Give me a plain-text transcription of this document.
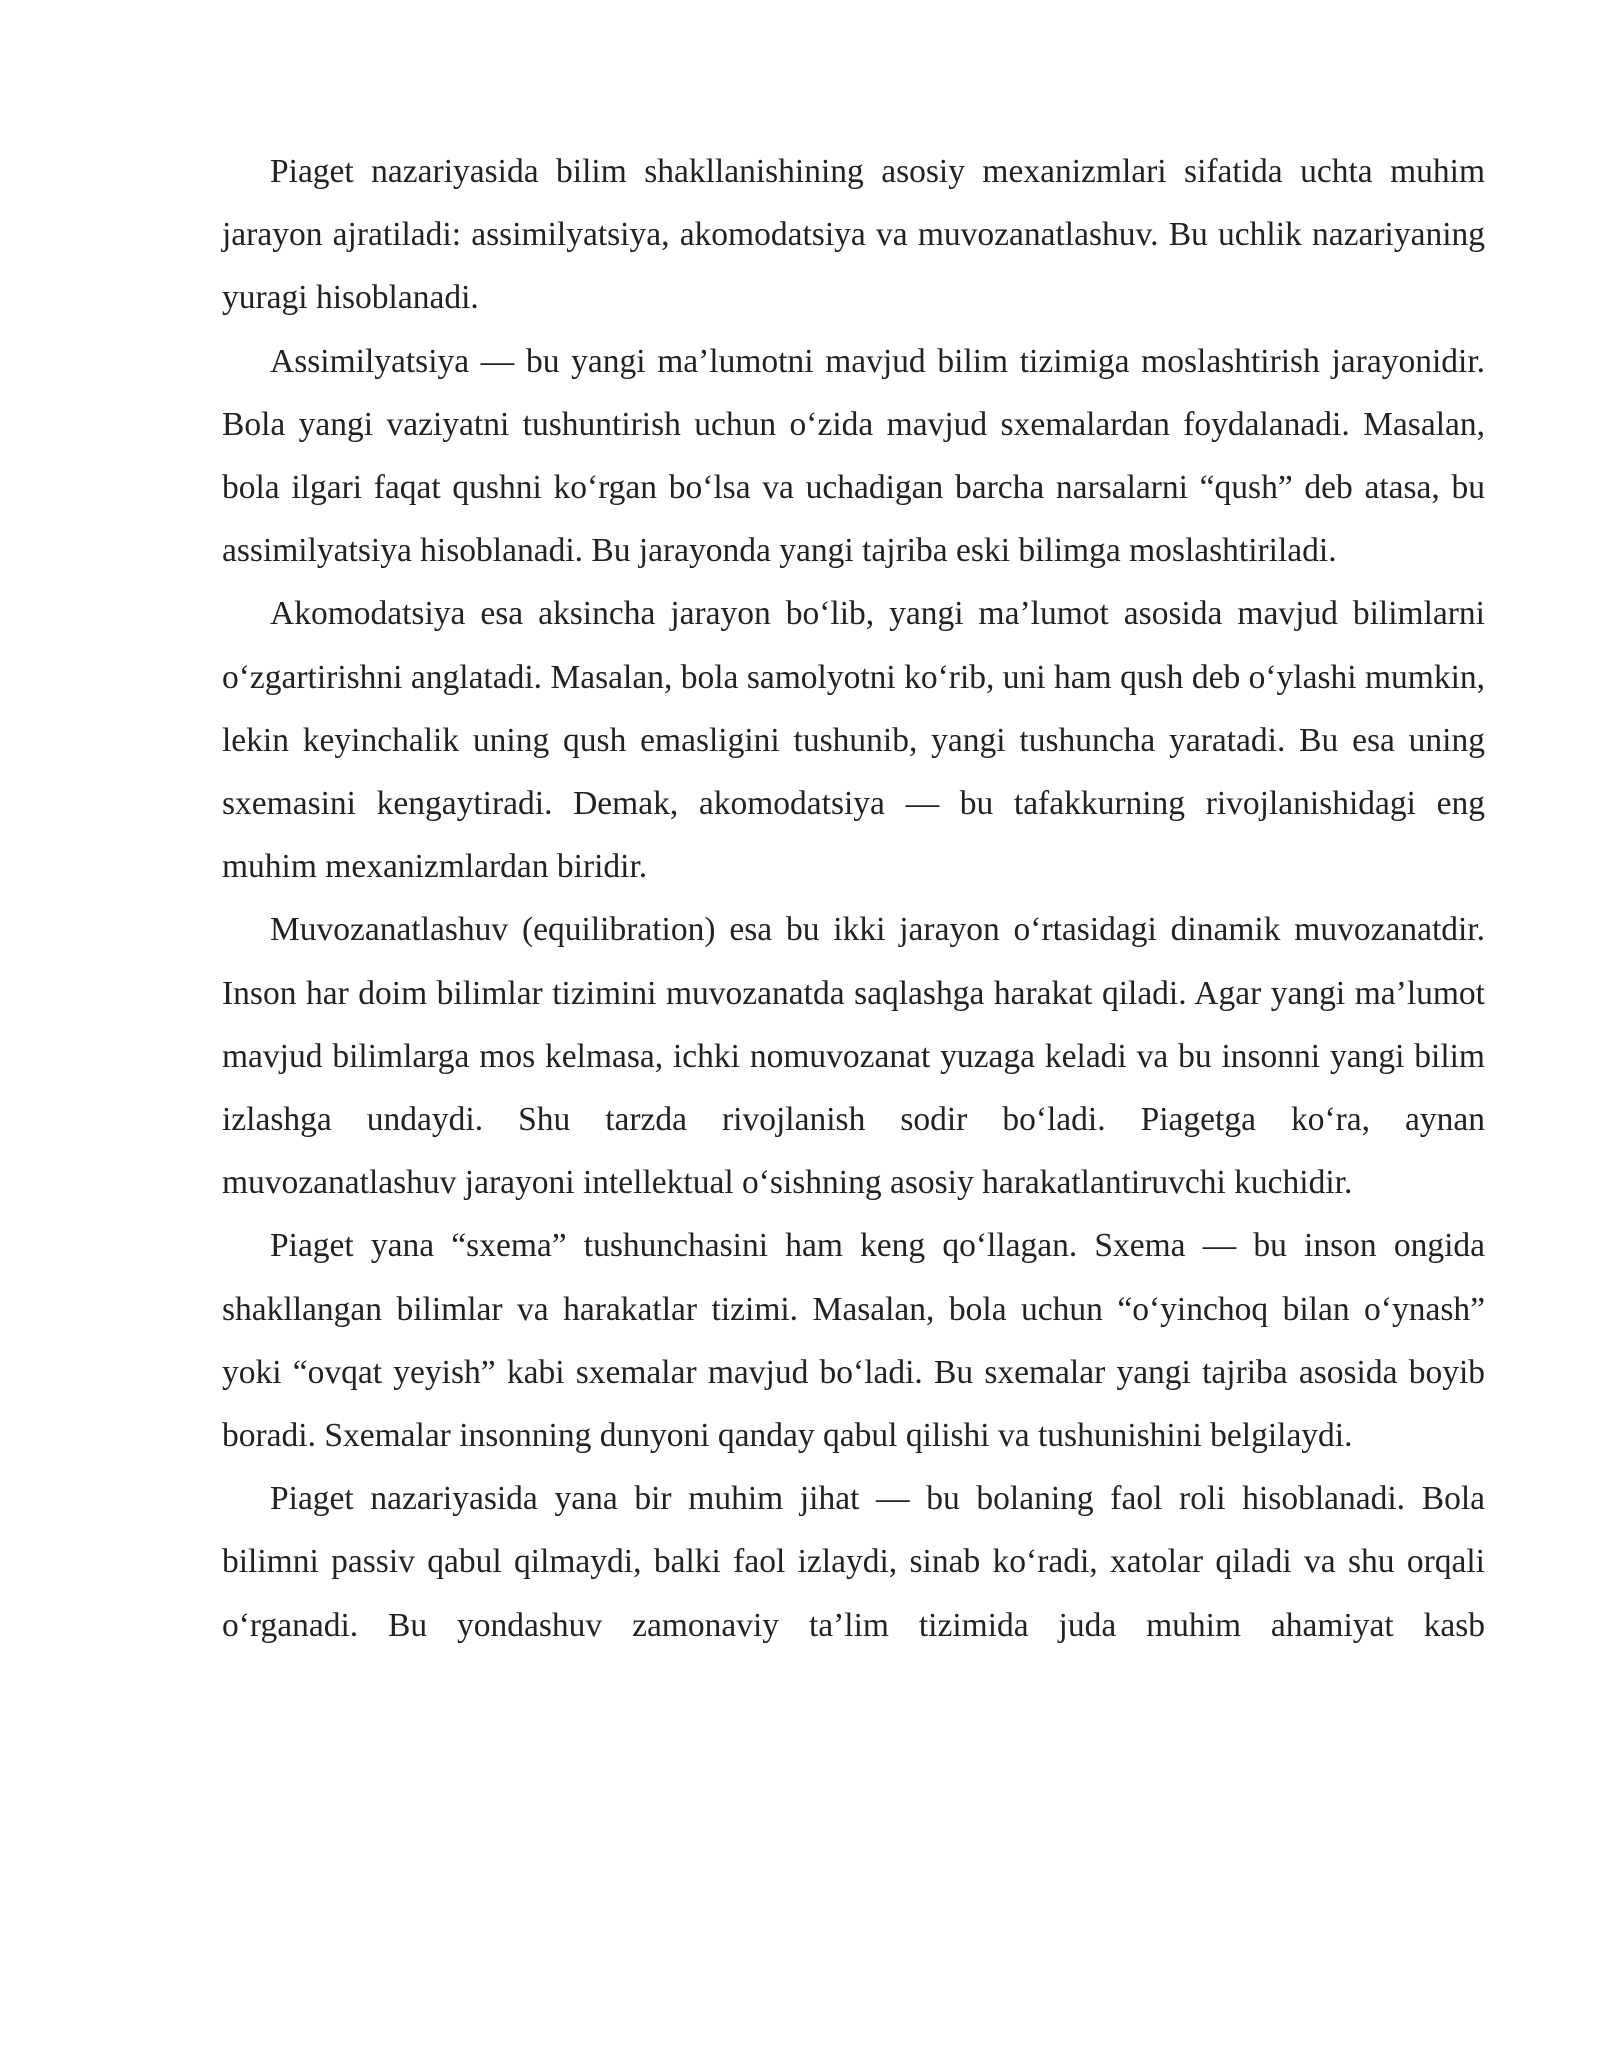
Piaget nazariyasida bilim shakllanishining asosiy mexanizmlari sifatida uchta muhim jarayon ajratiladi: assimilyatsiya, akomodatsiya va muvozanatlashuv. Bu uchlik nazariyaning yuragi hisoblanadi.

Assimilyatsiya — bu yangi ma’lumotni mavjud bilim tizimiga moslashtirish jarayonidir. Bola yangi vaziyatni tushuntirish uchun o‘zida mavjud sxemalardan foydalanadi. Masalan, bola ilgari faqat qushni ko‘rgan bo‘lsa va uchadigan barcha narsalarni “qush” deb atasa, bu assimilyatsiya hisoblanadi. Bu jarayonda yangi tajriba eski bilimga moslashtiriladi.

Akomodatsiya esa aksincha jarayon bo‘lib, yangi ma’lumot asosida mavjud bilimlarni o‘zgartirishni anglatadi. Masalan, bola samolyotni ko‘rib, uni ham qush deb o‘ylashi mumkin, lekin keyinchalik uning qush emasligini tushunib, yangi tushuncha yaratadi. Bu esa uning sxemasini kengaytiradi. Demak, akomodatsiya — bu tafakkurning rivojlanishidagi eng muhim mexanizmlardan biridir.

Muvozanatlashuv (equilibration) esa bu ikki jarayon o‘rtasidagi dinamik muvozanatdir. Inson har doim bilimlar tizimini muvozanatda saqlashga harakat qiladi. Agar yangi ma’lumot mavjud bilimlarga mos kelmasa, ichki nomuvozanat yuzaga keladi va bu insonni yangi bilim izlashga undaydi. Shu tarzda rivojlanish sodir bo‘ladi. Piagetga ko‘ra, aynan muvozanatlashuv jarayoni intellektual o‘sishning asosiy harakatlantiruvchi kuchidir.

Piaget yana “sxema” tushunchasini ham keng qo‘llagan. Sxema — bu inson ongida shakllangan bilimlar va harakatlar tizimi. Masalan, bola uchun “o‘yinchoq bilan o‘ynash” yoki “ovqat yeyish” kabi sxemalar mavjud bo‘ladi. Bu sxemalar yangi tajriba asosida boyib boradi. Sxemalar insonning dunyoni qanday qabul qilishi va tushunishini belgilaydi.

Piaget nazariyasida yana bir muhim jihat — bu bolaning faol roli hisoblanadi. Bola bilimni passiv qabul qilmaydi, balki faol izlaydi, sinab ko‘radi, xatolar qiladi va shu orqali o‘rganadi. Bu yondashuv zamonaviy ta’lim tizimida juda muhim ahamiyat kasb
